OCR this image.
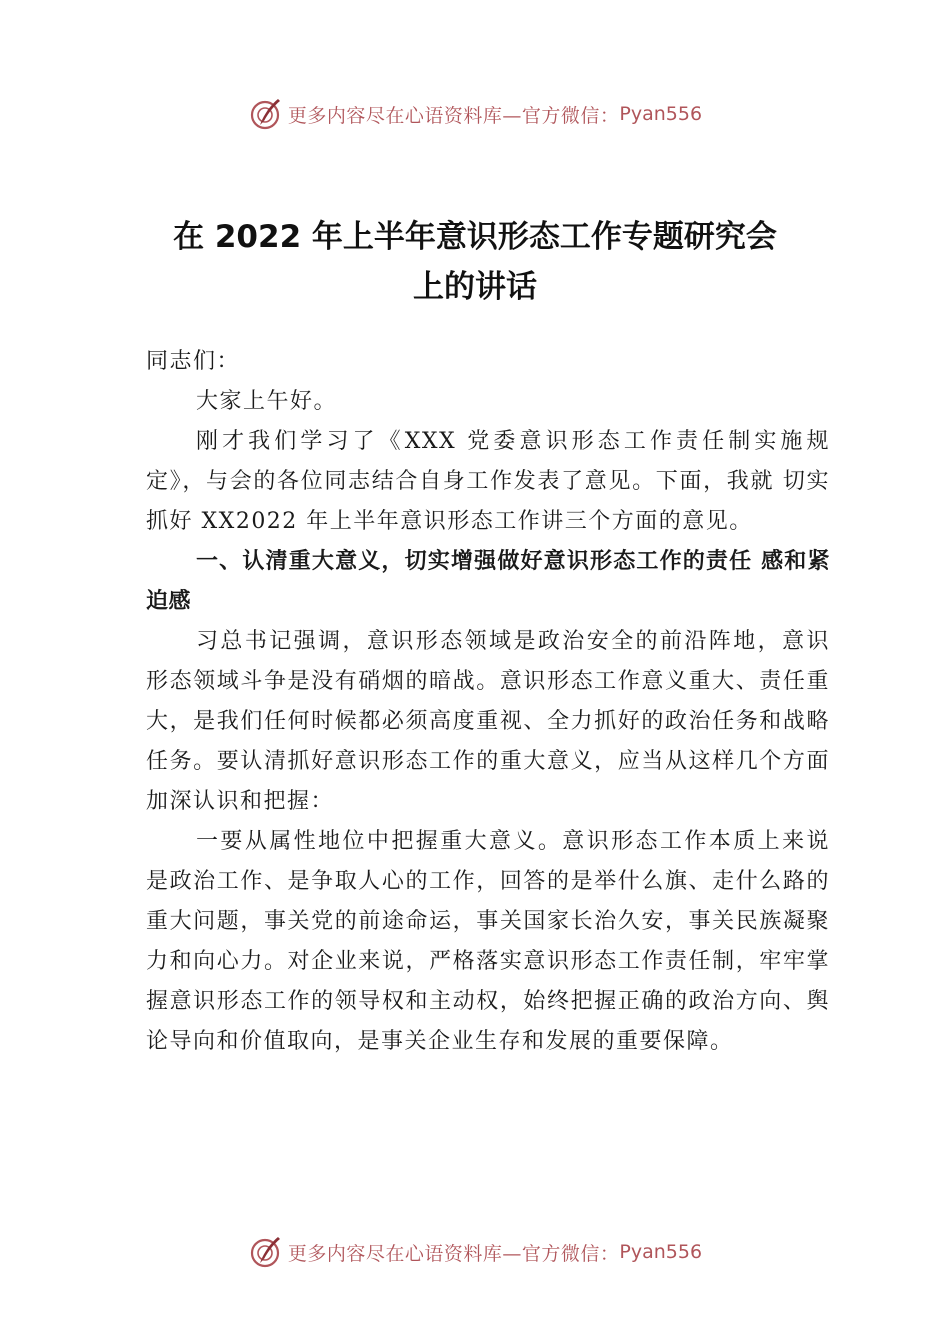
更多内容尽在心语资料库—官方微信： Pyan556
在 2022 年上半年意识形态工作专题研究会
上的讲话

同志们：

大家上午好。

刚才我们学习了《XXX 党委意识形态工作责任制实施规定》，与会的各位同志结合自身工作发表了意见。下面，我就 切实抓好 XX2022 年上半年意识形态工作讲三个方面的意见。

一、认清重大意义，切实增强做好意识形态工作的责任 感和紧迫感

习总书记强调，意识形态领域是政治安全的前沿阵地，意识形态领域斗争是没有硝烟的暗战。意识形态工作意义重大、责任重大，是我们任何时候都必须高度重视、全力抓好的政治任务和战略任务。要认清抓好意识形态工作的重大意义，应当从这样几个方面加深认识和把握：

一要从属性地位中把握重大意义。意识形态工作本质上来说是政治工作、是争取人心的工作，回答的是举什么旗、走什么路的重大问题，事关党的前途命运，事关国家长治久安，事关民族凝聚力和向心力。对企业来说，严格落实意识形态工作责任制，牢牢掌握意识形态工作的领导权和主动权，始终把握正确的政治方向、舆论导向和价值取向，是事关企业生存和发展的重要保障。

更多内容尽在心语资料库—官方微信： Pyan556
